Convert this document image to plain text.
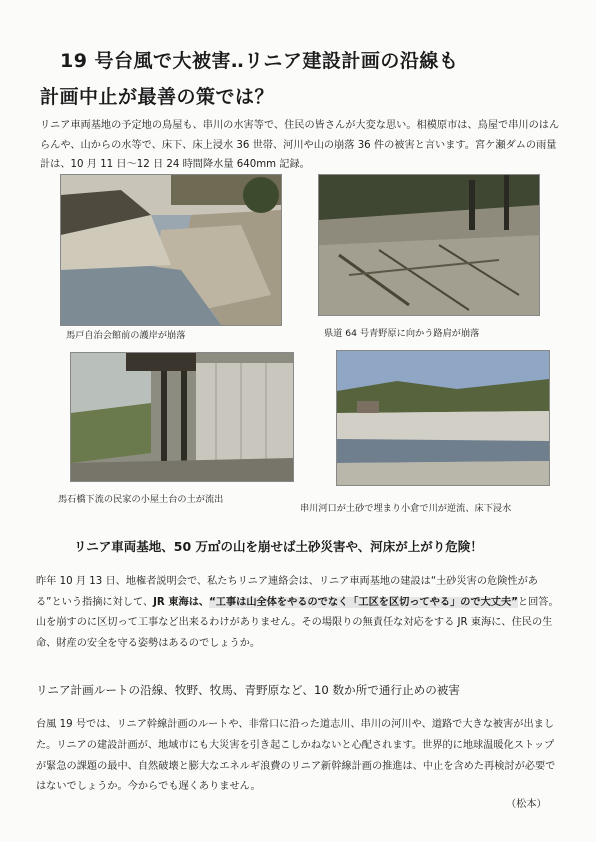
19 号台風で大被害‥リニア建設計画の沿線も
計画中止が最善の策では？

リニア車両基地の予定地の鳥屋も、串川の水害等で、住民の皆さんが大変な思い。相模原市は、鳥屋で串川のはんらんや、山からの水等で、床下、床上浸水 36 世帯、河川や山の崩落 36 件の被害と言います。宮ケ瀬ダムの雨量計は、10 月 11 日～12 日 24 時間降水量 640mm 記録。

馬戸自治会館前の護岸が崩落	県道 64 号青野原に向かう路肩が崩落
馬石橋下流の民家の小屋土台の土が流出
串川河口が土砂で埋まり小倉で川が逆流、床下浸水
リニア車両基地、50 万㎥の山を崩せば土砂災害や、河床が上がり危険！

昨年 10 月 13 日、地権者説明会で、私たちリニア連絡会は、リニア車両基地の建設は“土砂災害の危険性がある”という指摘に対して、JR 東海は、“工事は山全体をやるのでなく「工区を区切ってやる」ので大丈夫”と回答。山を崩すのに区切って工事など出来るわけがありません。その場限りの無責任な対応をする JR 東海に、住民の生命、財産の安全を守る姿勢はあるのでしょうか。

リニア計画ルートの沿線、牧野、牧馬、青野原など、10 数か所で通行止めの被害

台風 19 号では、リニア幹線計画のルートや、非常口に沿った道志川、串川の河川や、道路で大きな被害が出ました。リニアの建設計画が、地域市にも大災害を引き起こしかねないと心配されます。世界的に地球温暖化ストップが緊急の課題の最中、自然破壊と膨大なエネルギ浪費のリニア新幹線計画の推進は、中止を含めた再検討が必要ではないでしょうか。今からでも遅くありません。

（松本）
